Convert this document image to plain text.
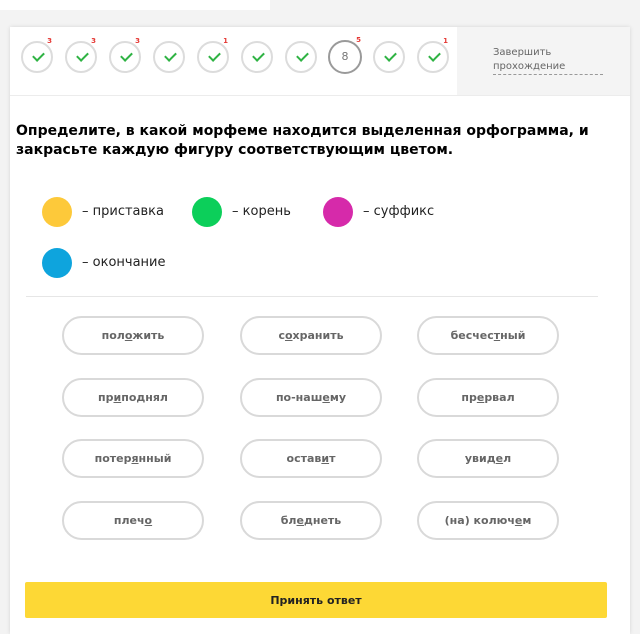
3	3	3	1
8
5	1
Завершить прохождение
Определите, в какой морфеме находится выделенная орфограмма, и закрасьте каждую фигуру соответствующим цветом.
– приставка	– корень	– суффикс
– окончание
положить	сохранить	бесчестный
приподнял	по-нашему	прервал
потерянный	оставит	увидел
плечо	бледнеть	(на) колючем
Принять ответ
